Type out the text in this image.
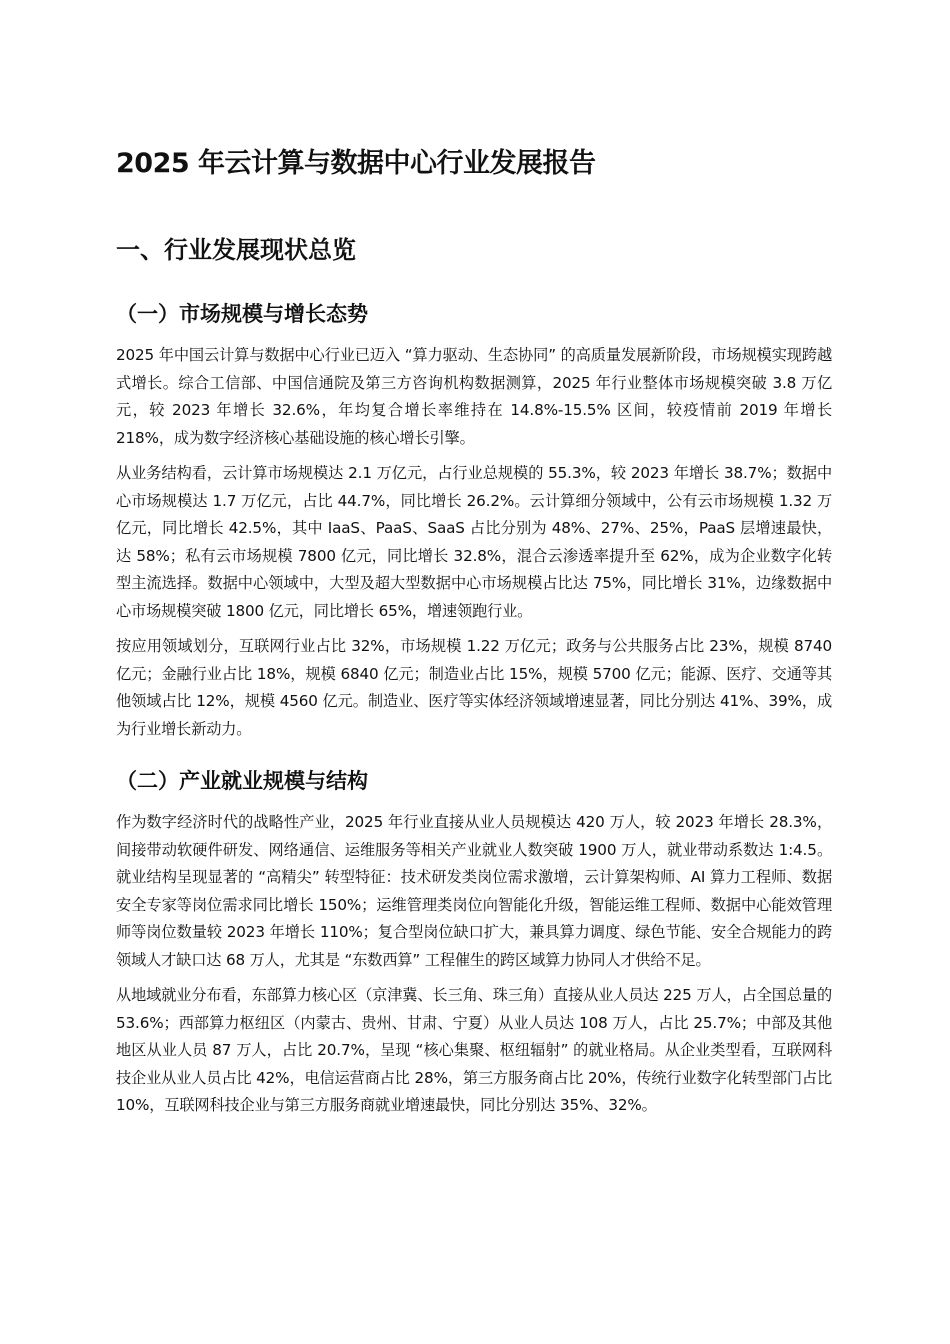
2025 年云计算与数据中心行业发展报告
一、行业发展现状总览
（一）市场规模与增长态势

2025 年中国云计算与数据中心行业已迈入 “算力驱动、生态协同” 的高质量发展新阶段，市场规模实现跨越式增长。综合工信部、中国信通院及第三方咨询机构数据测算，2025 年行业整体市场规模突破 3.8 万亿元，较 2023 年增长 32.6%，年均复合增长率维持在 14.8%-15.5% 区间，较疫情前 2019 年增长 218%，成为数字经济核心基础设施的核心增长引擎。

从业务结构看，云计算市场规模达 2.1 万亿元，占行业总规模的 55.3%，较 2023 年增长 38.7%；数据中心市场规模达 1.7 万亿元，占比 44.7%，同比增长 26.2%。云计算细分领域中，公有云市场规模 1.32 万亿元，同比增长 42.5%，其中 IaaS、PaaS、SaaS 占比分别为 48%、27%、25%，PaaS 层增速最快，达 58%；私有云市场规模 7800 亿元，同比增长 32.8%，混合云渗透率提升至 62%，成为企业数字化转型主流选择。数据中心领域中，大型及超大型数据中心市场规模占比达 75%，同比增长 31%，边缘数据中心市场规模突破 1800 亿元，同比增长 65%，增速领跑行业。

按应用领域划分，互联网行业占比 32%，市场规模 1.22 万亿元；政务与公共服务占比 23%，规模 8740 亿元；金融行业占比 18%，规模 6840 亿元；制造业占比 15%，规模 5700 亿元；能源、医疗、交通等其他领域占比 12%，规模 4560 亿元。制造业、医疗等实体经济领域增速显著，同比分别达 41%、39%，成为行业增长新动力。

（二）产业就业规模与结构

作为数字经济时代的战略性产业，2025 年行业直接从业人员规模达 420 万人，较 2023 年增长 28.3%，间接带动软硬件研发、网络通信、运维服务等相关产业就业人数突破 1900 万人，就业带动系数达 1:4.5。就业结构呈现显著的 “高精尖” 转型特征：技术研发类岗位需求激增，云计算架构师、AI 算力工程师、数据安全专家等岗位需求同比增长 150%；运维管理类岗位向智能化升级，智能运维工程师、数据中心能效管理师等岗位数量较 2023 年增长 110%；复合型岗位缺口扩大，兼具算力调度、绿色节能、安全合规能力的跨领域人才缺口达 68 万人，尤其是 “东数西算” 工程催生的跨区域算力协同人才供给不足。

从地域就业分布看，东部算力核心区（京津冀、长三角、珠三角）直接从业人员达 225 万人，占全国总量的 53.6%；西部算力枢纽区（内蒙古、贵州、甘肃、宁夏）从业人员达 108 万人，占比 25.7%；中部及其他地区从业人员 87 万人，占比 20.7%，呈现 “核心集聚、枢纽辐射” 的就业格局。从企业类型看，互联网科技企业从业人员占比 42%，电信运营商占比 28%，第三方服务商占比 20%，传统行业数字化转型部门占比 10%，互联网科技企业与第三方服务商就业增速最快，同比分别达 35%、32%。
